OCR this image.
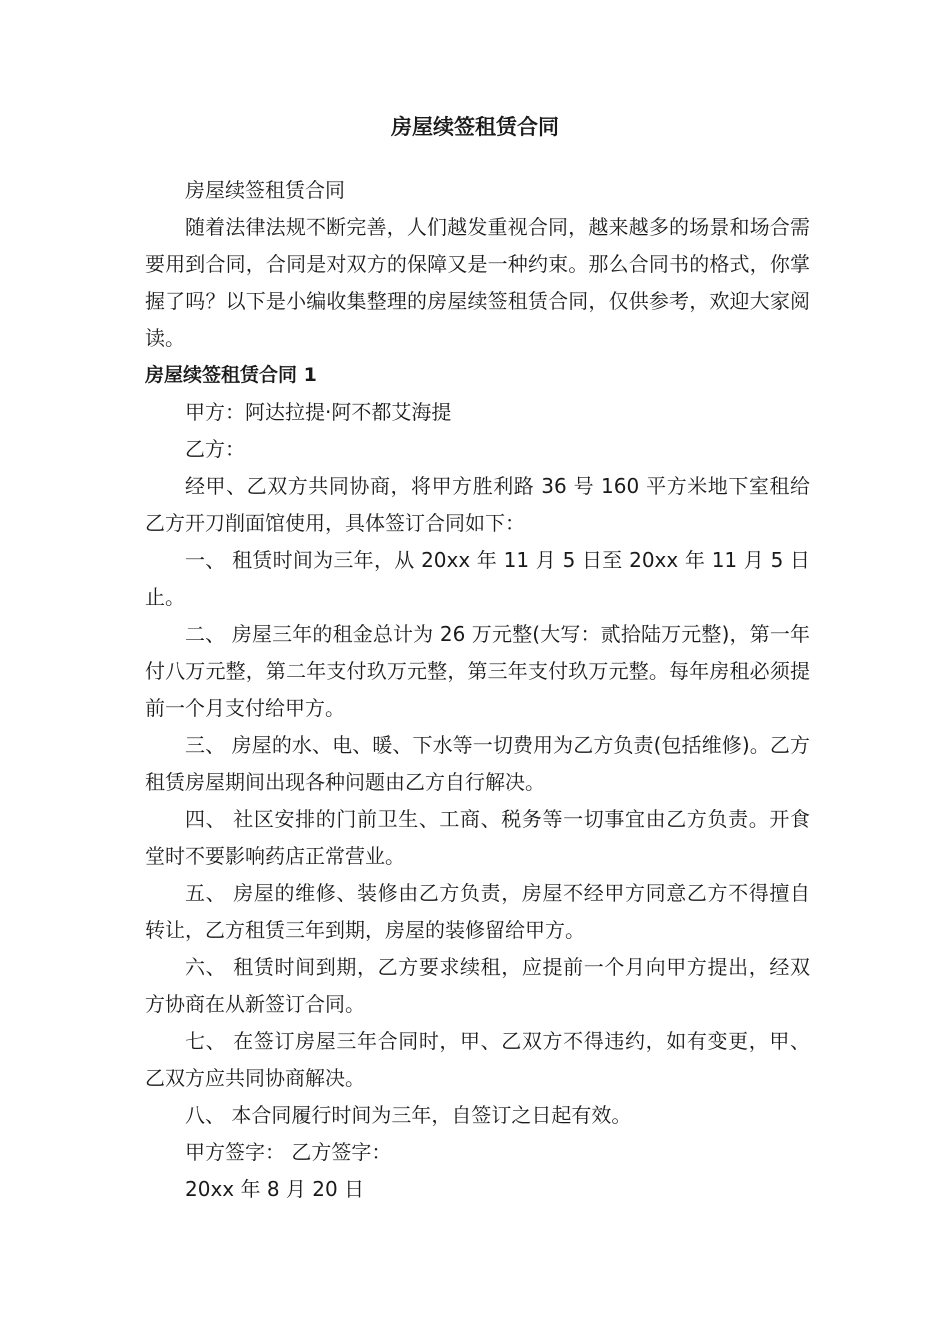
房屋续签租赁合同

房屋续签租赁合同

随着法律法规不断完善，人们越发重视合同，越来越多的场景和场合需要用到合同，合同是对双方的保障又是一种约束。那么合同书的格式，你掌握了吗？以下是小编收集整理的房屋续签租赁合同，仅供参考，欢迎大家阅读。

房屋续签租赁合同 1

甲方：阿达拉提·阿不都艾海提

乙方：

经甲、乙双方共同协商，将甲方胜利路 36 号 160 平方米地下室租给乙方开刀削面馆使用，具体签订合同如下：

一、 租赁时间为三年，从 20xx 年 11 月 5 日至 20xx 年 11 月 5 日止。

二、 房屋三年的租金总计为 26 万元整(大写：贰拾陆万元整)，第一年付八万元整，第二年支付玖万元整，第三年支付玖万元整。每年房租必须提前一个月支付给甲方。

三、 房屋的水、电、暖、下水等一切费用为乙方负责(包括维修)。乙方租赁房屋期间出现各种问题由乙方自行解决。

四、 社区安排的门前卫生、工商、税务等一切事宜由乙方负责。开食堂时不要影响药店正常营业。

五、 房屋的维修、装修由乙方负责，房屋不经甲方同意乙方不得擅自转让，乙方租赁三年到期，房屋的装修留给甲方。

六、 租赁时间到期，乙方要求续租，应提前一个月向甲方提出，经双方协商在从新签订合同。

七、 在签订房屋三年合同时，甲、乙双方不得违约，如有变更，甲、乙双方应共同协商解决。

八、 本合同履行时间为三年，自签订之日起有效。

甲方签字： 乙方签字：

20xx 年 8 月 20 日
